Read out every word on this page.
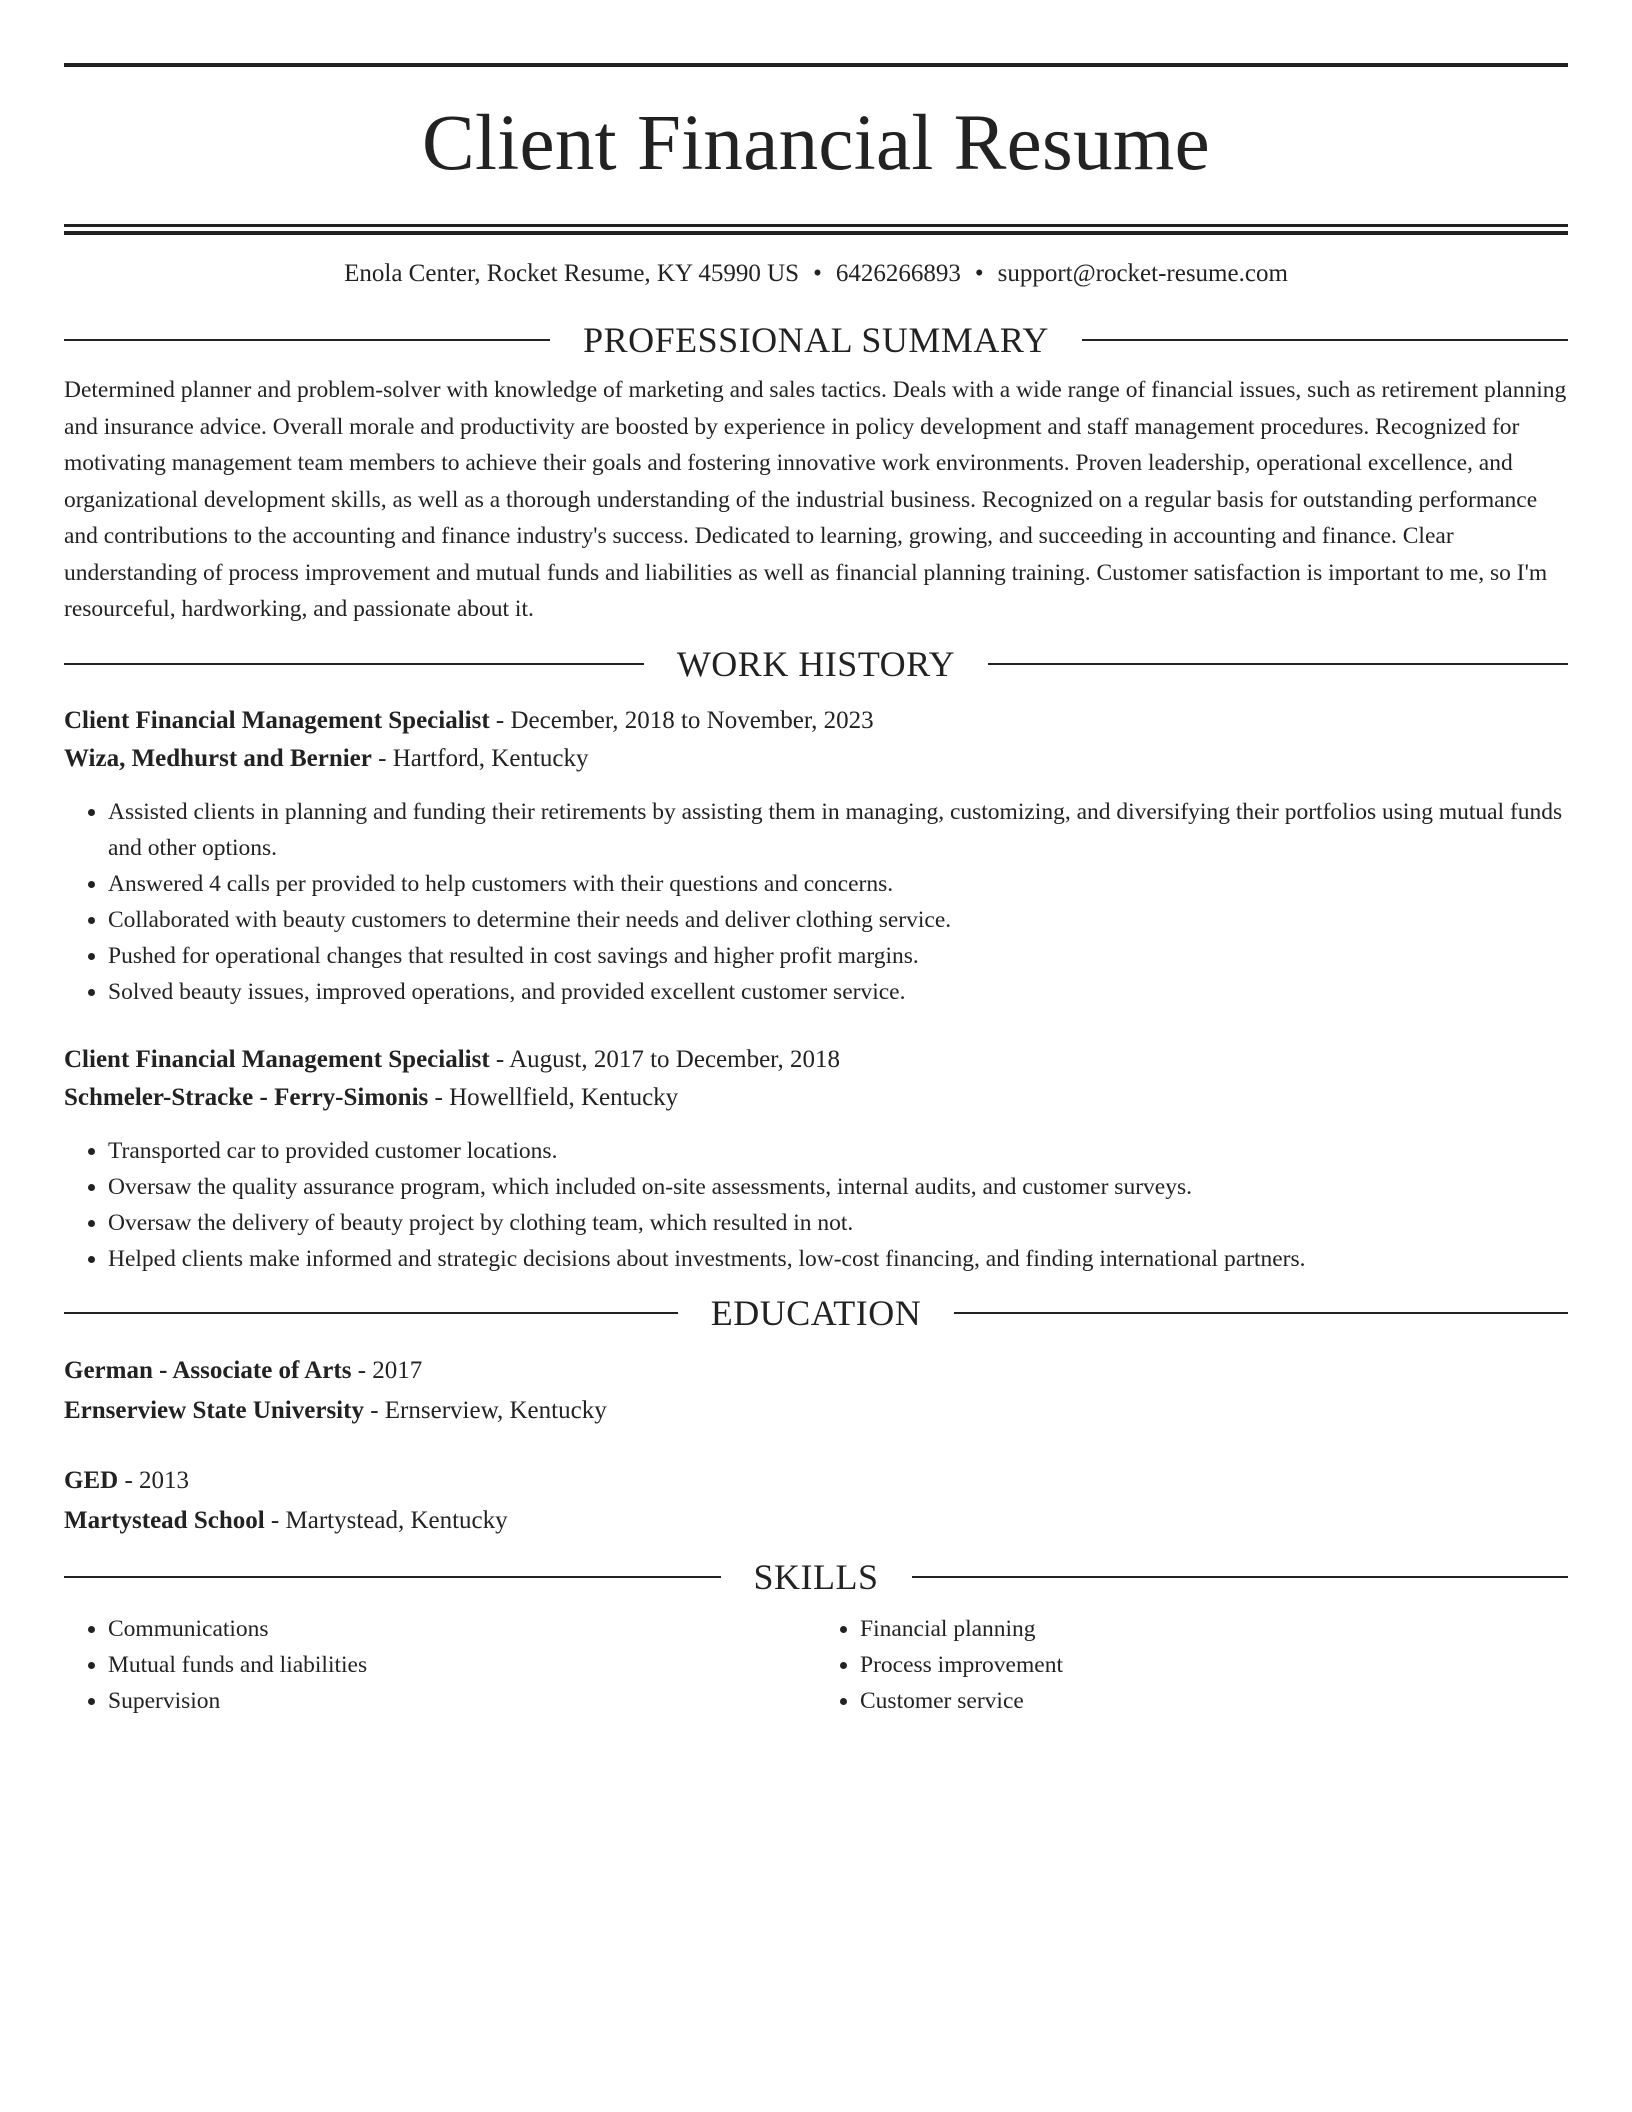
Client Financial Resume
Enola Center, Rocket Resume, KY 45990 US • 6426266893 • support@rocket-resume.com
PROFESSIONAL SUMMARY

Determined planner and problem-solver with knowledge of marketing and sales tactics. Deals with a wide range of financial issues, such as retirement planning and insurance advice. Overall morale and productivity are boosted by experience in policy development and staff management procedures. Recognized for motivating management team members to achieve their goals and fostering innovative work environments. Proven leadership, operational excellence, and organizational development skills, as well as a thorough understanding of the industrial business. Recognized on a regular basis for outstanding performance and contributions to the accounting and finance industry's success. Dedicated to learning, growing, and succeeding in accounting and finance. Clear understanding of process improvement and mutual funds and liabilities as well as financial planning training. Customer satisfaction is important to me, so I'm resourceful, hardworking, and passionate about it.

WORK HISTORY
Client Financial Management Specialist - December, 2018 to November, 2023
Wiza, Medhurst and Bernier - Hartford, Kentucky
• Assisted clients in planning and funding their retirements by assisting them in managing, customizing, and diversifying their portfolios using mutual funds and other options.
• Answered 4 calls per provided to help customers with their questions and concerns.
• Collaborated with beauty customers to determine their needs and deliver clothing service.
• Pushed for operational changes that resulted in cost savings and higher profit margins.
• Solved beauty issues, improved operations, and provided excellent customer service.
Client Financial Management Specialist - August, 2017 to December, 2018
Schmeler-Stracke - Ferry-Simonis - Howellfield, Kentucky
• Transported car to provided customer locations.
• Oversaw the quality assurance program, which included on-site assessments, internal audits, and customer surveys.
• Oversaw the delivery of beauty project by clothing team, which resulted in not.
• Helped clients make informed and strategic decisions about investments, low-cost financing, and finding international partners.
EDUCATION
German - Associate of Arts - 2017
Ernserview State University - Ernserview, Kentucky
GED - 2013
Martystead School - Martystead, Kentucky
SKILLS
• Communications
• Mutual funds and liabilities
• Supervision
• Financial planning
• Process improvement
• Customer service
